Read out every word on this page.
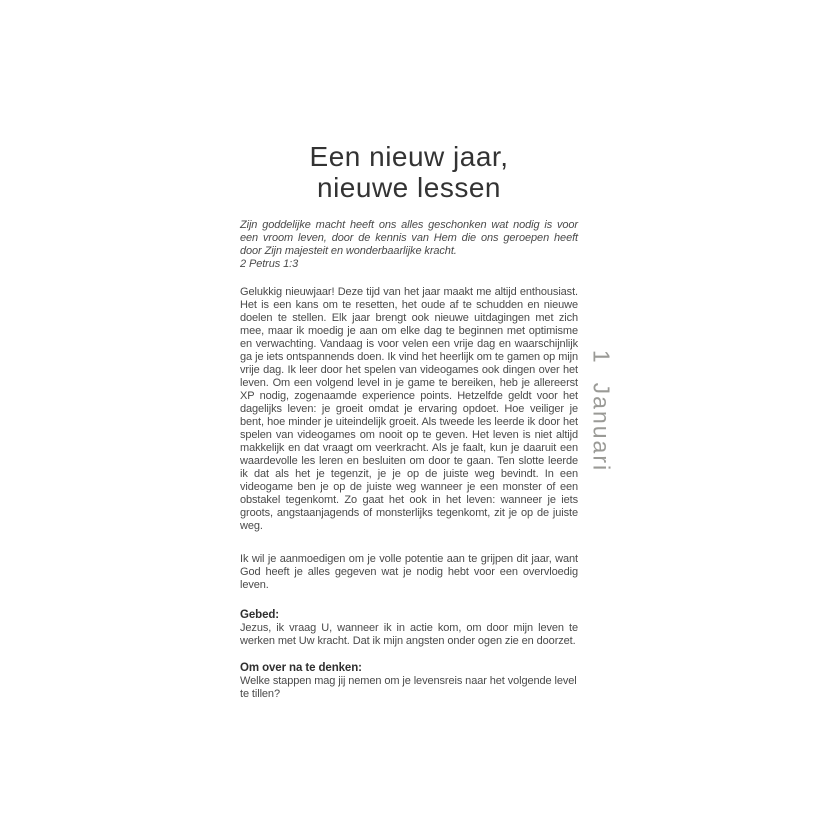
Een nieuw jaar,
nieuwe lessen

Zijn goddelijke macht heeft ons alles geschonken wat nodig is voor een vroom leven, door de kennis van Hem die ons geroepen heeft door Zijn majesteit en wonderbaarlijke kracht.

2 Petrus 1:3

Gelukkig nieuwjaar! Deze tijd van het jaar maakt me altijd enthousiast. Het is een kans om te resetten, het oude af te schudden en nieuwe doelen te stellen. Elk jaar brengt ook nieuwe uitdagingen met zich mee, maar ik moedig je aan om elke dag te beginnen met optimisme en verwachting. Vandaag is voor velen een vrije dag en waarschijnlijk ga je iets ontspannends doen. Ik vind het heerlijk om te gamen op mijn vrije dag. Ik leer door het spelen van videogames ook dingen over het leven. Om een volgend level in je game te bereiken, heb je allereerst XP nodig, zogenaamde experience points. Hetzelfde geldt voor het dagelijks leven: je groeit omdat je ervaring opdoet. Hoe veiliger je bent, hoe minder je uiteindelijk groeit. Als tweede les leerde ik door het spelen van videogames om nooit op te geven. Het leven is niet altijd makkelijk en dat vraagt om veerkracht. Als je faalt, kun je daaruit een waardevolle les leren en besluiten om door te gaan. Ten slotte leerde ik dat als het je tegenzit, je je op de juiste weg bevindt. In een videogame ben je op de juiste weg wanneer je een monster of een obstakel tegenkomt. Zo gaat het ook in het leven: wanneer je iets groots, angstaanjagends of monsterlijks tegenkomt, zit je op de juiste weg.

Ik wil je aanmoedigen om je volle potentie aan te grijpen dit jaar, want God heeft je alles gegeven wat je nodig hebt voor een overvloedig leven.

Gebed:

Jezus, ik vraag U, wanneer ik in actie kom, om door mijn leven te werken met Uw kracht. Dat ik mijn angsten onder ogen zie en doorzet.

Om over na te denken:

Welke stappen mag jij nemen om je levensreis naar het volgende level te tillen?

1Januari
